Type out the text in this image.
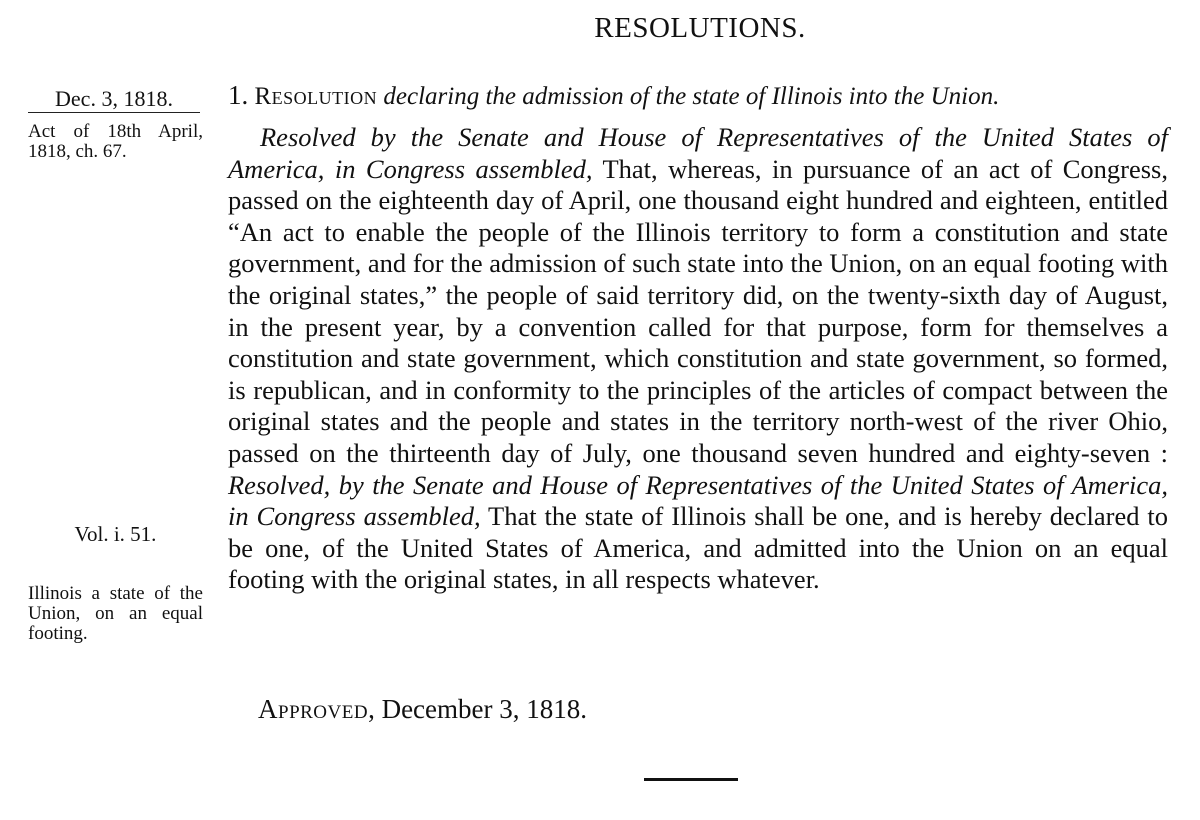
RESOLUTIONS.
Dec. 3, 1818.
Act of 18th April, 1818, ch. 67.
Vol. i. 51.
Illinois a state of the Union, on an equal footing.
1. Resolution declaring the admission of the state of Illinois into the Union.

Resolved by the Senate and House of Representatives of the United States of America, in Congress assembled, That, whereas, in pursuance of an act of Congress, passed on the eighteenth day of April, one thousand eight hundred and eighteen, entitled “An act to enable the people of the Illinois territory to form a constitution and state government, and for the admission of such state into the Union, on an equal footing with the original states,” the people of said territory did, on the twenty-sixth day of August, in the present year, by a convention called for that purpose, form for themselves a constitution and state government, which constitution and state government, so formed, is republican, and in conformity to the principles of the articles of compact between the original states and the people and states in the territory north-west of the river Ohio, passed on the thirteenth day of July, one thousand seven hundred and eighty-seven : Resolved, by the Senate and House of Representatives of the United States of America, in Congress assembled, That the state of Illinois shall be one, and is hereby declared to be one, of the United States of America, and admitted into the Union on an equal footing with the original states, in all respects whatever.

Approved, December 3, 1818.
